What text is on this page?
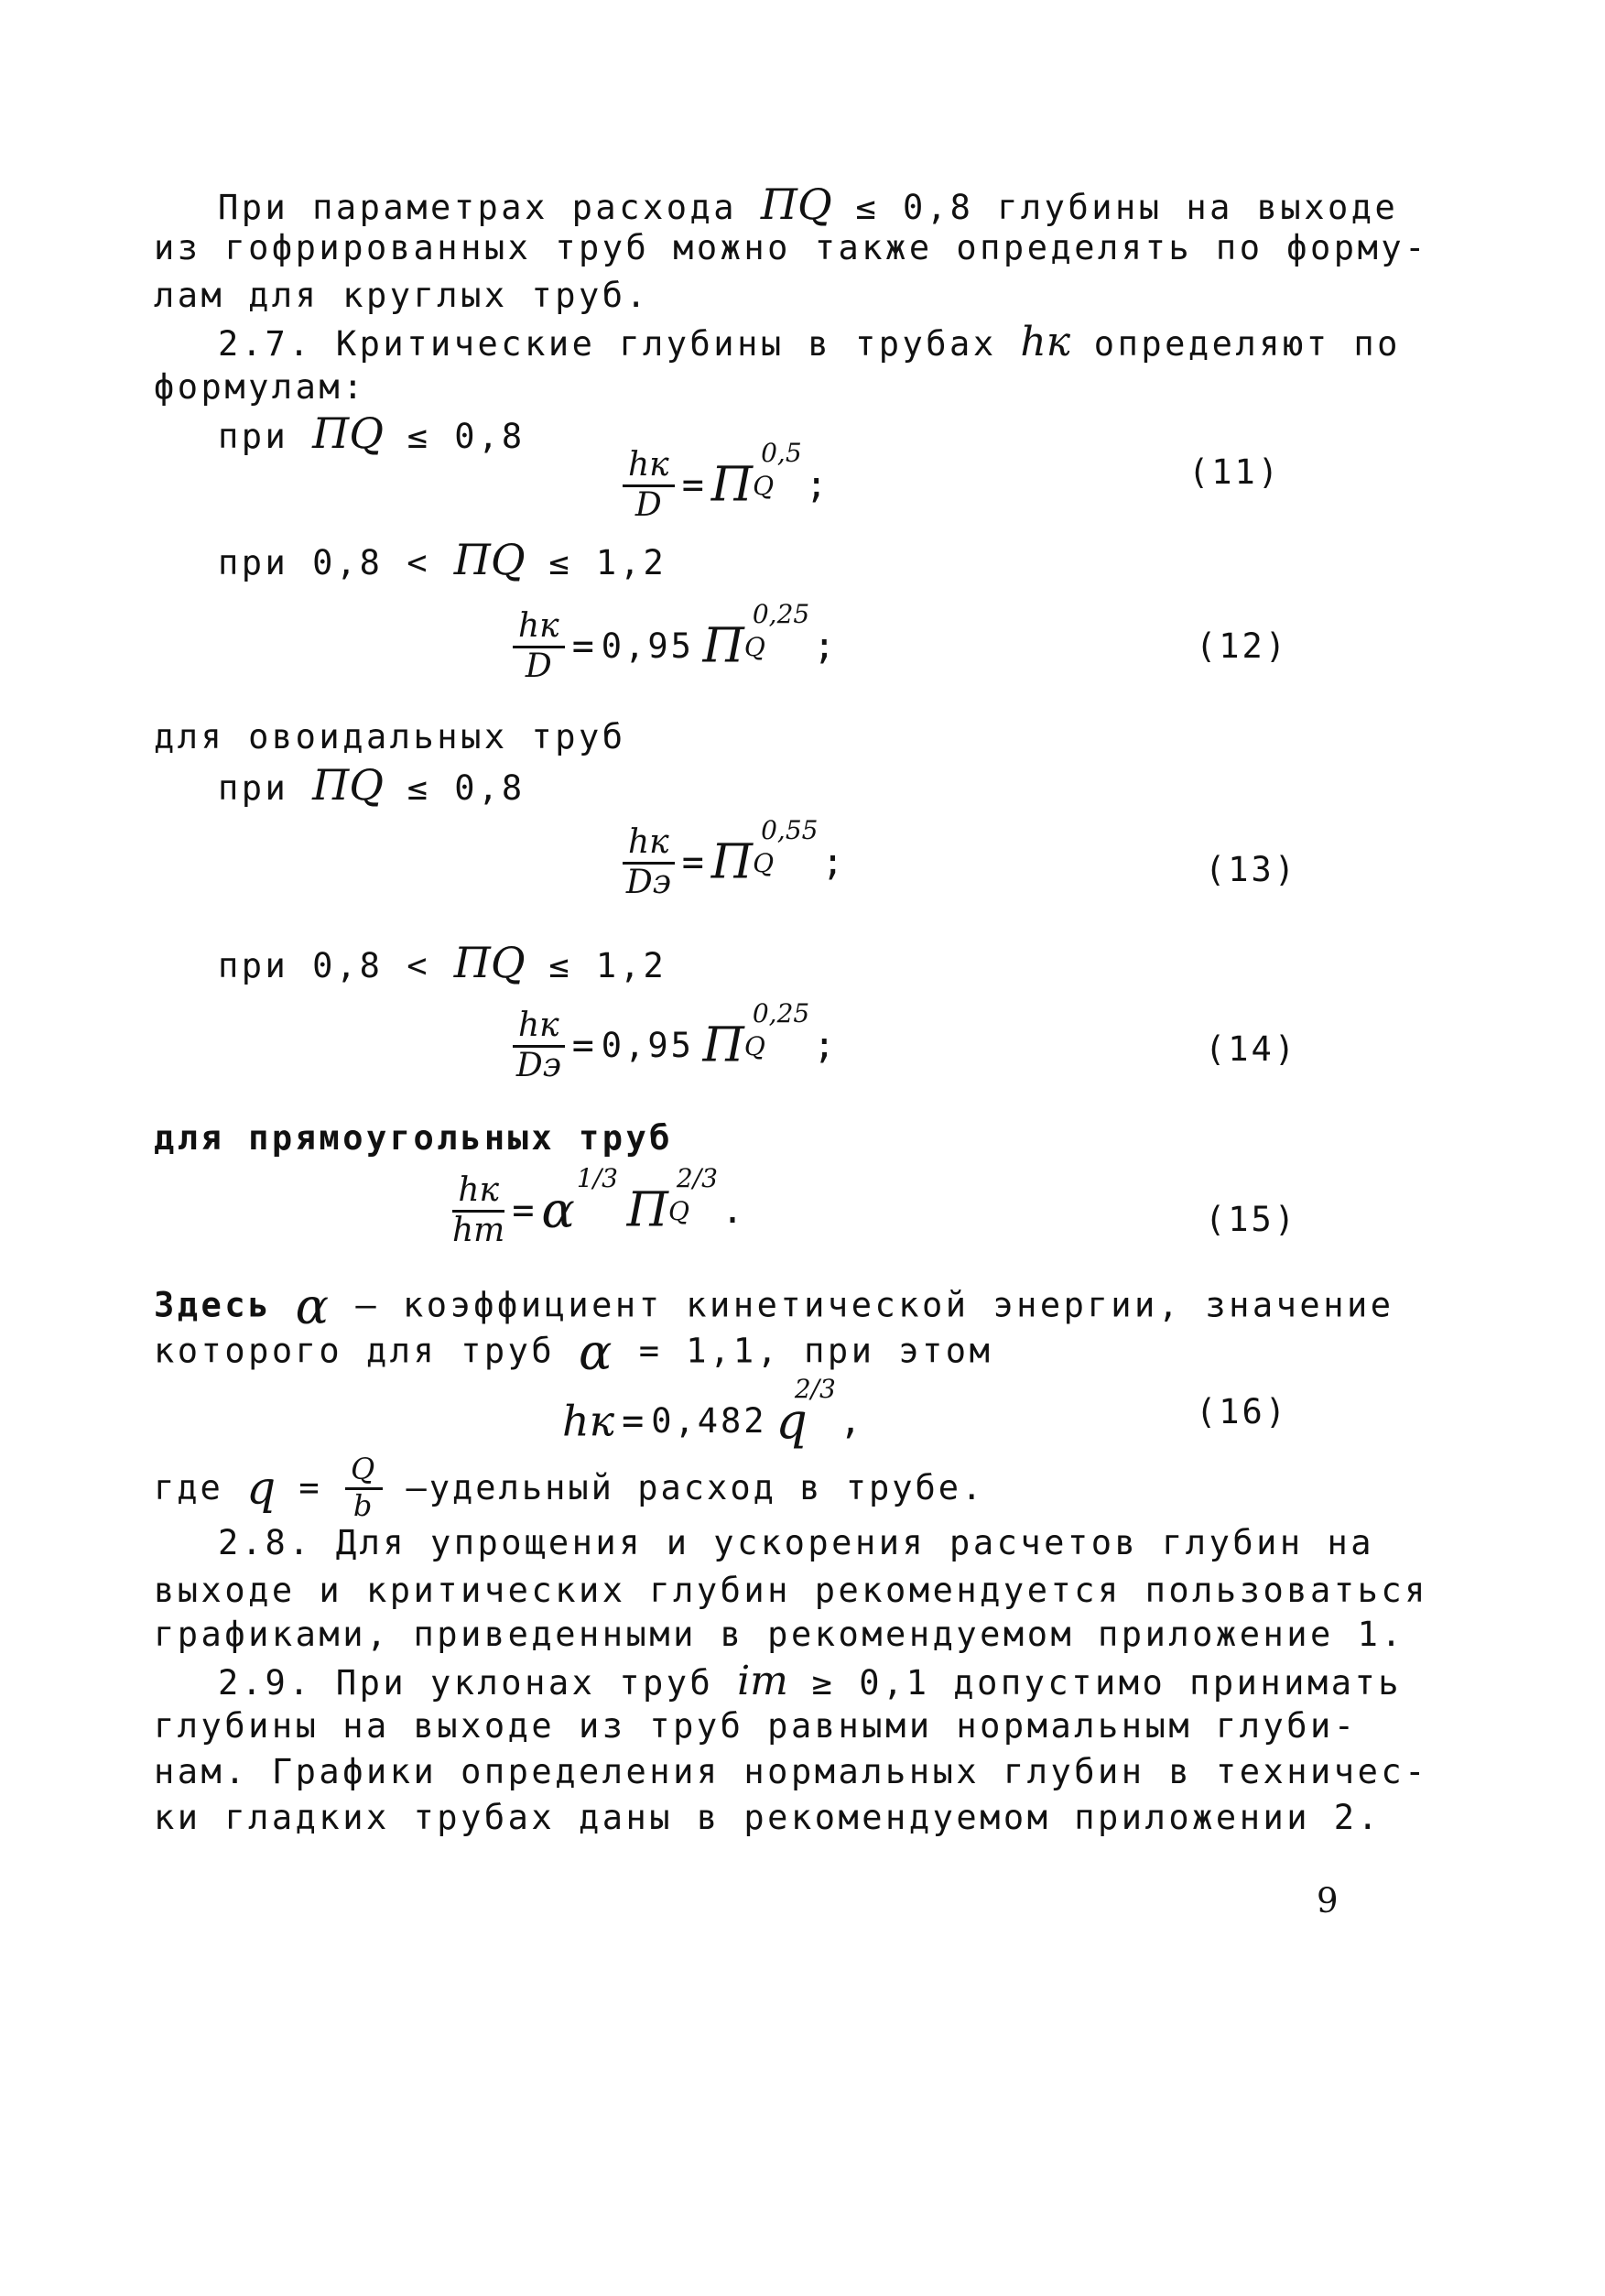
При параметрах расхода ПQ ≤ 0,8 глубины на выходе
из гофрированных труб можно также определять по форму-
лам для круглых труб.
2.7. Критические глубины в трубах hк определяют по
формулам:
при ПQ ≤ 0,8
$\frac{hк}{D} = ПQ0,5$;	(11)
при 0,8 < ПQ ≤ 1,2
$\frac{hк}{D} = 0,95$ ПQ0,25;	(12)
для овоидальных труб
при ПQ ≤ 0,8
$\frac{hк}{Dэ} = ПQ0,55$;	(13)
при 0,8 < ПQ ≤ 1,2
$\frac{hк}{Dэ} = 0,95$ ПQ0,25;	(14)
для прямоугольных труб
$\frac{hк}{hт} = \alpha 1/3$ ПQ2/3.	(15)
Здесь α – коэффициент кинетической энергии, значение
которого для труб α = 1,1, при этом
hк = 0,482 q2/3,	(16)
где $q = \frac{Q}{b}$ –удельный расход в трубе.
2.8. Для упрощения и ускорения расчетов глубин на
выходе и критических глубин рекомендуется пользоваться
графиками, приведенными в рекомендуемом приложение 1.
2.9. При уклонах труб iт ≥ 0,1 допустимо принимать
глубины на выходе из труб равными нормальным глуби-
нам. Графики определения нормальных глубин в техничес-
ки гладких трубах даны в рекомендуемом приложении 2.
9
